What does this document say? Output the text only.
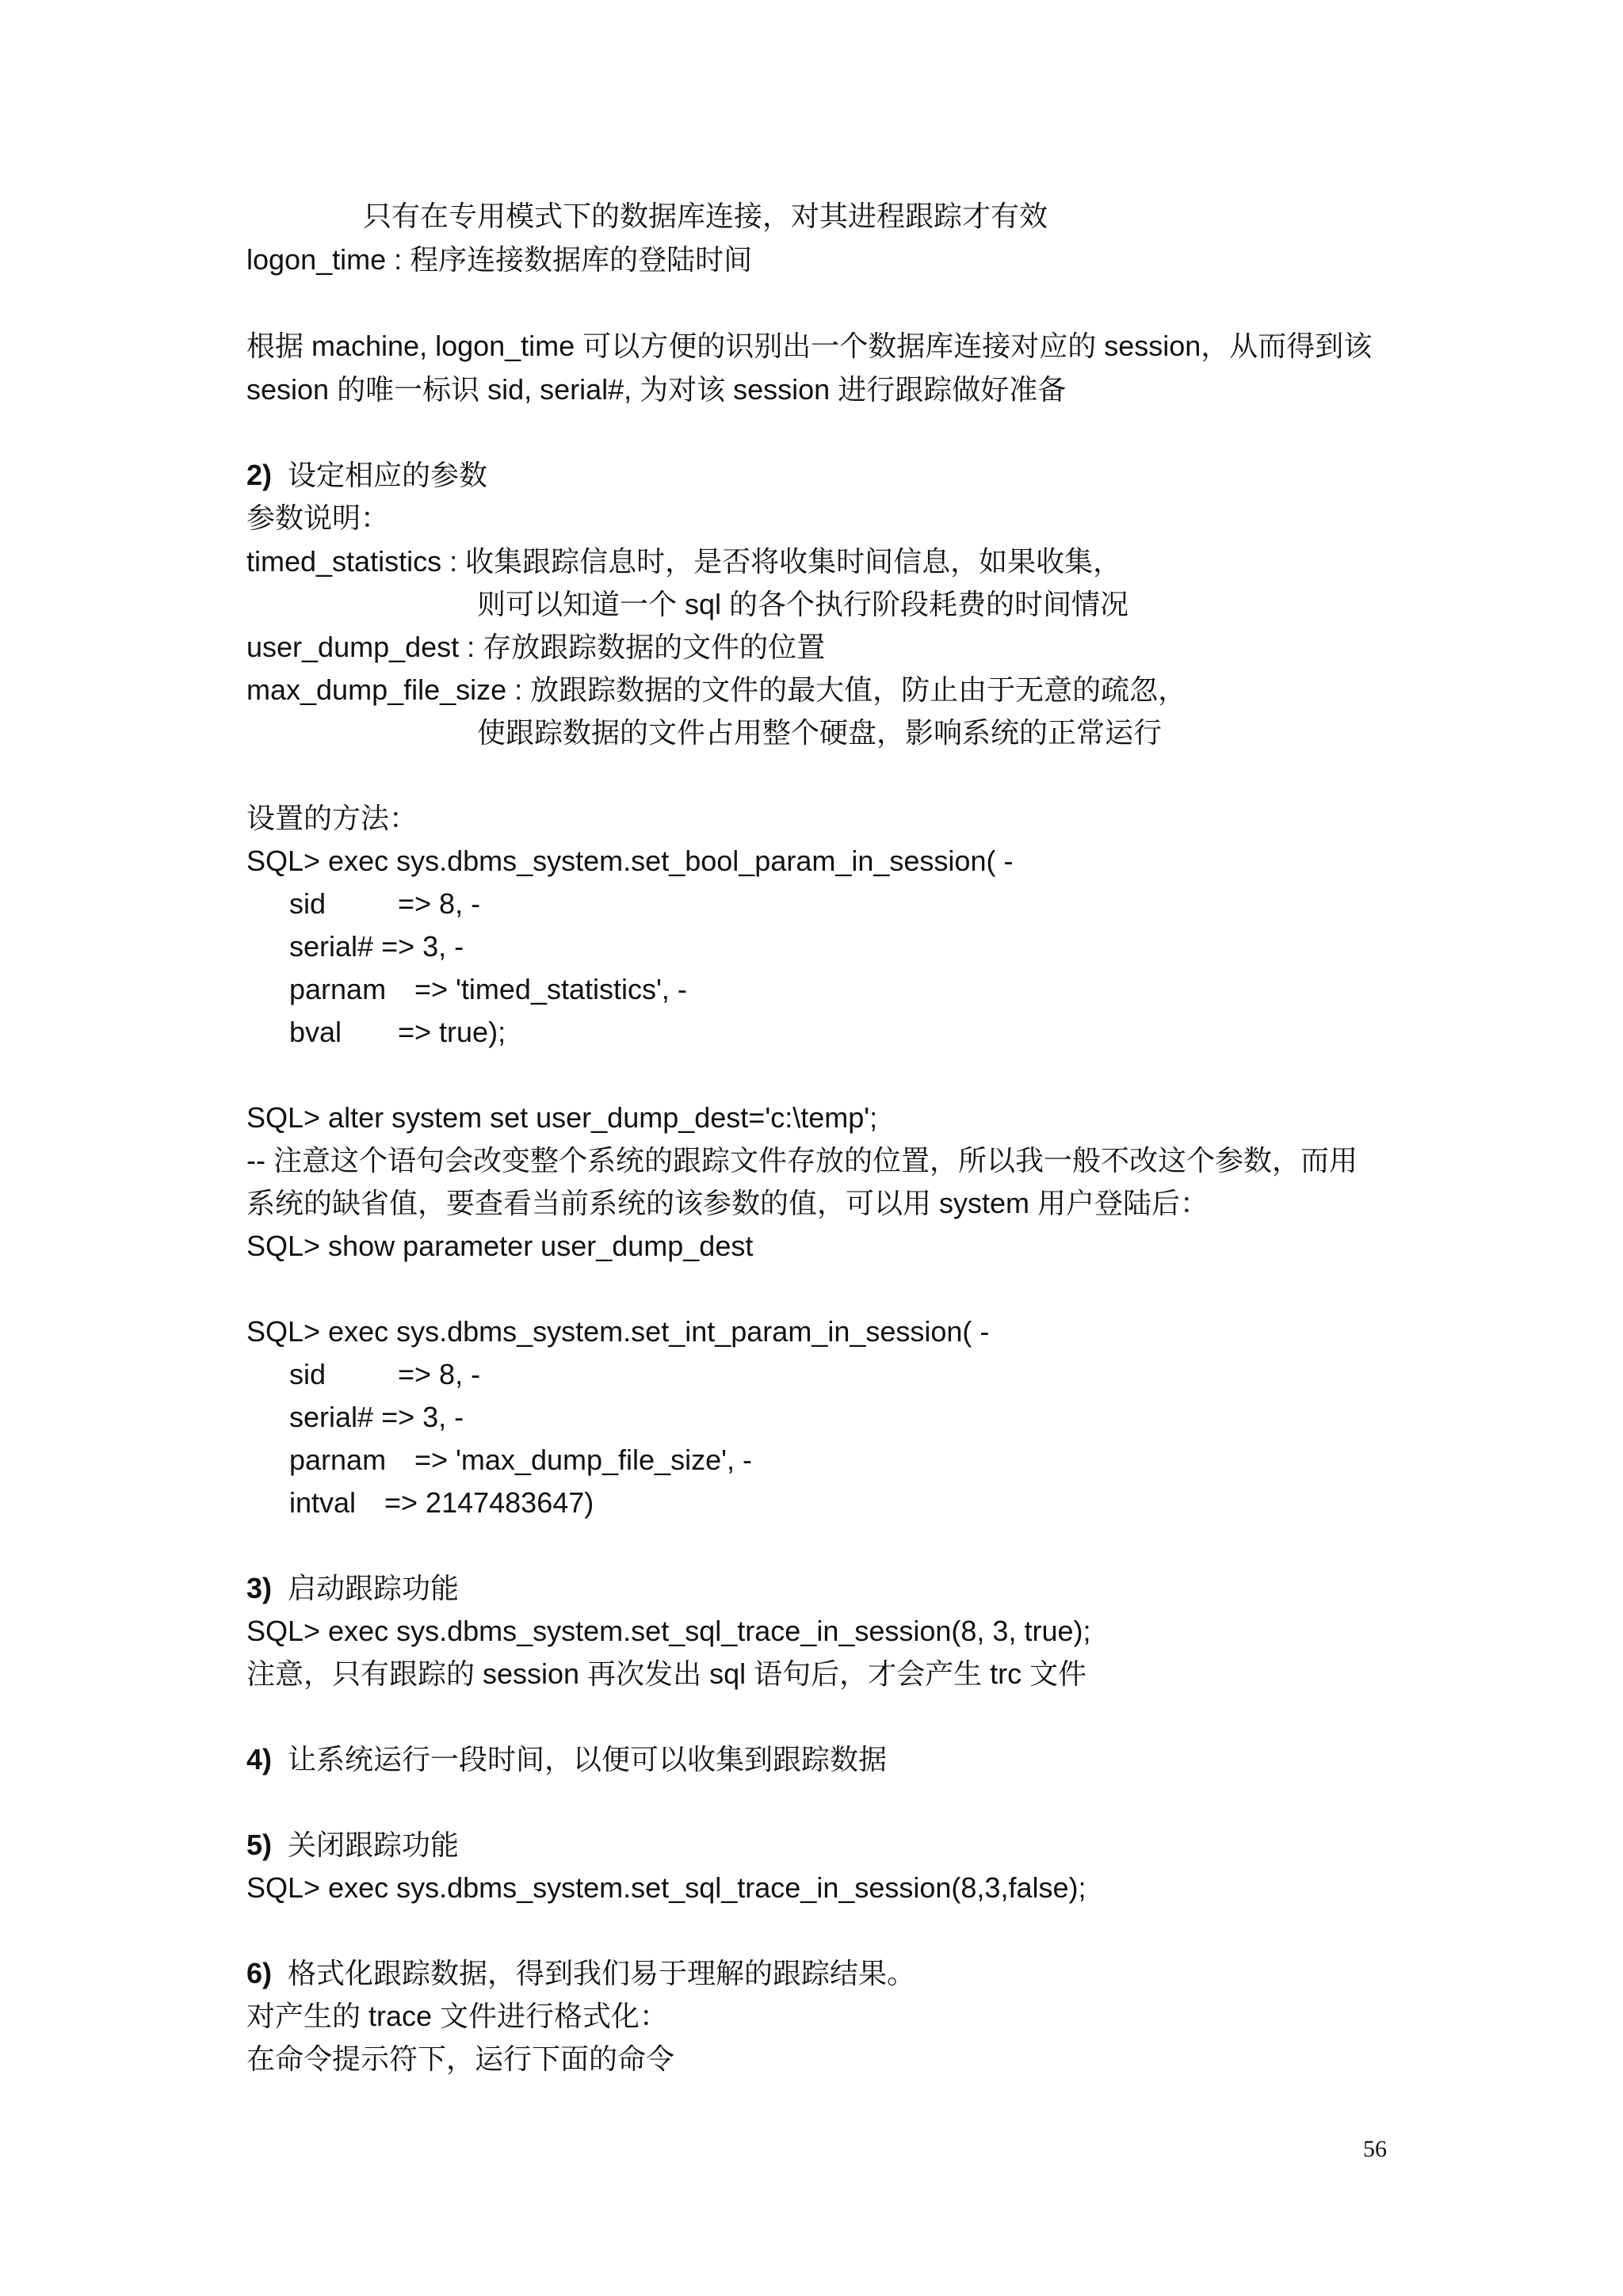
只有在专用模式下的数据库连接，对其进程跟踪才有效
logon_time : 程序连接数据库的登陆时间
根据 machine, logon_time 可以方便的识别出一个数据库连接对应的 session，从而得到该
sesion 的唯一标识 sid, serial#, 为对该 session 进行跟踪做好准备
2) 设定相应的参数
参数说明：
timed_statistics : 收集跟踪信息时，是否将收集时间信息，如果收集，
则可以知道一个 sql 的各个执行阶段耗费的时间情况
user_dump_dest : 存放跟踪数据的文件的位置
max_dump_file_size : 放跟踪数据的文件的最大值，防止由于无意的疏忽，
使跟踪数据的文件占用整个硬盘，影响系统的正常运行
设置的方法：
SQL> exec sys.dbms_system.set_bool_param_in_session( -
sid	=> 8, -
serial# => 3, -
parnam => 'timed_statistics', -
bval => true);
SQL> alter system set user_dump_dest='c:\temp';
-- 注意这个语句会改变整个系统的跟踪文件存放的位置，所以我一般不改这个参数，而用
系统的缺省值，要查看当前系统的该参数的值，可以用 system 用户登陆后：
SQL> show parameter user_dump_dest
SQL> exec sys.dbms_system.set_int_param_in_session( -
sid	=> 8, -
serial# => 3, -
parnam => 'max_dump_file_size', -
intval => 2147483647)
3) 启动跟踪功能
SQL> exec sys.dbms_system.set_sql_trace_in_session(8, 3, true);
注意，只有跟踪的 session 再次发出 sql 语句后，才会产生 trc 文件
4) 让系统运行一段时间，以便可以收集到跟踪数据
5) 关闭跟踪功能
SQL> exec sys.dbms_system.set_sql_trace_in_session(8,3,false);
6) 格式化跟踪数据，得到我们易于理解的跟踪结果。
对产生的 trace 文件进行格式化：
在命令提示符下，运行下面的命令
56
